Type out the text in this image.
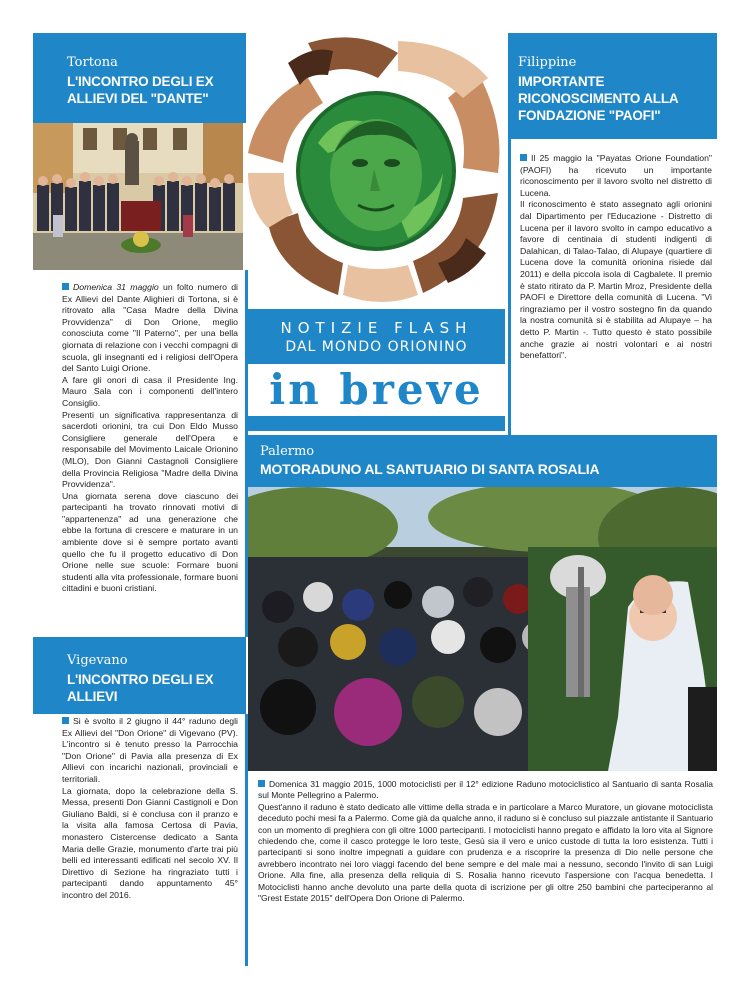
Tortona
L'INCONTRO DEGLI EX ALLIEVI DEL "DANTE"

Domenica 31 maggio un folto numero di Ex Allievi del Dante Alighieri di Tortona, si è ritrovato alla "Casa Madre della Divina Provvidenza" di Don Orione, meglio conosciuta come "Il Paterno", per una bella giornata di relazione con i vecchi compagni di scuola, gli insegnanti ed i religiosi dell'Opera del Santo Luigi Orione.

A fare gli onori di casa il Presidente Ing. Mauro Sala con i componenti dell'intero Consiglio.

Presenti un significativa rappresentanza di sacerdoti orionini, tra cui Don Eldo Musso Consigliere generale dell'Opera e responsabile del Movimento Laicale Orionino (MLO), Don Gianni Castagnoli Consigliere della Provincia Religiosa "Madre della Divina Provvidenza".

Una giornata serena dove ciascuno dei partecipanti ha trovato rinnovati motivi di "appartenenza" ad una generazione che ebbe la fortuna di crescere e maturare in un ambiente dove si è sempre portato avanti quello che fu il progetto educativo di Don Orione nelle sue scuole: Formare buoni studenti alla vita professionale, formare buoni cittadini e buoni cristiani.

Vigevano
L'INCONTRO DEGLI EX ALLIEVI

Si è svolto il 2 giugno il 44° raduno degli Ex Allievi del "Don Orione" di Vigevano (PV). L'incontro si è tenuto presso la Parrocchia "Don Orione" di Pavia alla presenza di Ex Allievi con incarichi nazionali, provinciali e territoriali.

La giornata, dopo la celebrazione della S. Messa, presenti Don Gianni Castignoli e Don Giuliano Baldi, si è conclusa con il pranzo e la visita alla famosa Certosa di Pavia, monastero Cistercense dedicato a Santa Maria delle Grazie, monumento d'arte trai più belli ed interessanti edificati nel secolo XV. Il Direttivo di Sezione ha ringraziato tutti i partecipanti dando appuntamento 45° incontro del 2016.

NOTIZIE FLASH
DAL MONDO ORIONINO
in breve
Filippine
IMPORTANTE RICONOSCIMENTO ALLA FONDAZIONE "PAOFI"

Il 25 maggio la "Payatas Orione Foundation" (PAOFI) ha ricevuto un importante riconoscimento per il lavoro svolto nel distretto di Lucena.

Il riconoscimento è stato assegnato agli orionini dal Dipartimento per l'Educazione - Distretto di Lucena per il lavoro svolto in campo educativo a favore di centinaia di studenti indigenti di Dalahican, di Talao-Talao, di Alupaye (quartiere di Lucena dove la comunità orionina risiede dal 2011) e della piccola isola di Cagbalete. Il premio è stato ritirato da P. Martin Mroz, Presidente della PAOFI e Direttore della comunità di Lucena. "Vi ringraziamo per il vostro sostegno fin da quando la nostra comunità si è stabilita ad Alupaye – ha detto P. Martin -. Tutto questo è stato possibile anche grazie ai nostri volontari e ai nostri benefattori".

Palermo
MOTORADUNO AL SANTUARIO DI SANTA ROSALIA

Domenica 31 maggio 2015, 1000 motociclisti per il 12° edizione Raduno motociclistico al Santuario di santa Rosalia sul Monte Pellegrino a Palermo.

Quest'anno il raduno è stato dedicato alle vittime della strada e in particolare a Marco Muratore, un giovane motociclista deceduto pochi mesi fa a Palermo. Come già da qualche anno, il raduno si è concluso sul piazzale antistante il Santuario con un momento di preghiera con gli oltre 1000 partecipanti. I motociclisti hanno pregato e affidato la loro vita al Signore chiedendo che, come il casco protegge le loro teste, Gesù sia il vero e unico custode di tutta la loro esistenza. Tutti i partecipanti si sono inoltre impegnati a guidare con prudenza e a riscoprire la presenza di Dio nelle persone che avrebbero incontrato nei loro viaggi facendo del bene sempre e del male mai a nessuno, secondo l'invito di san Luigi Orione. Alla fine, alla presenza della reliquia di S. Rosalia hanno ricevuto l'aspersione con l'acqua benedetta. I Motociclisti hanno anche devoluto una parte della quota di iscrizione per gli oltre 250 bambini che parteciperanno al "Grest Estate 2015" dell'Opera Don Orione di Palermo.
